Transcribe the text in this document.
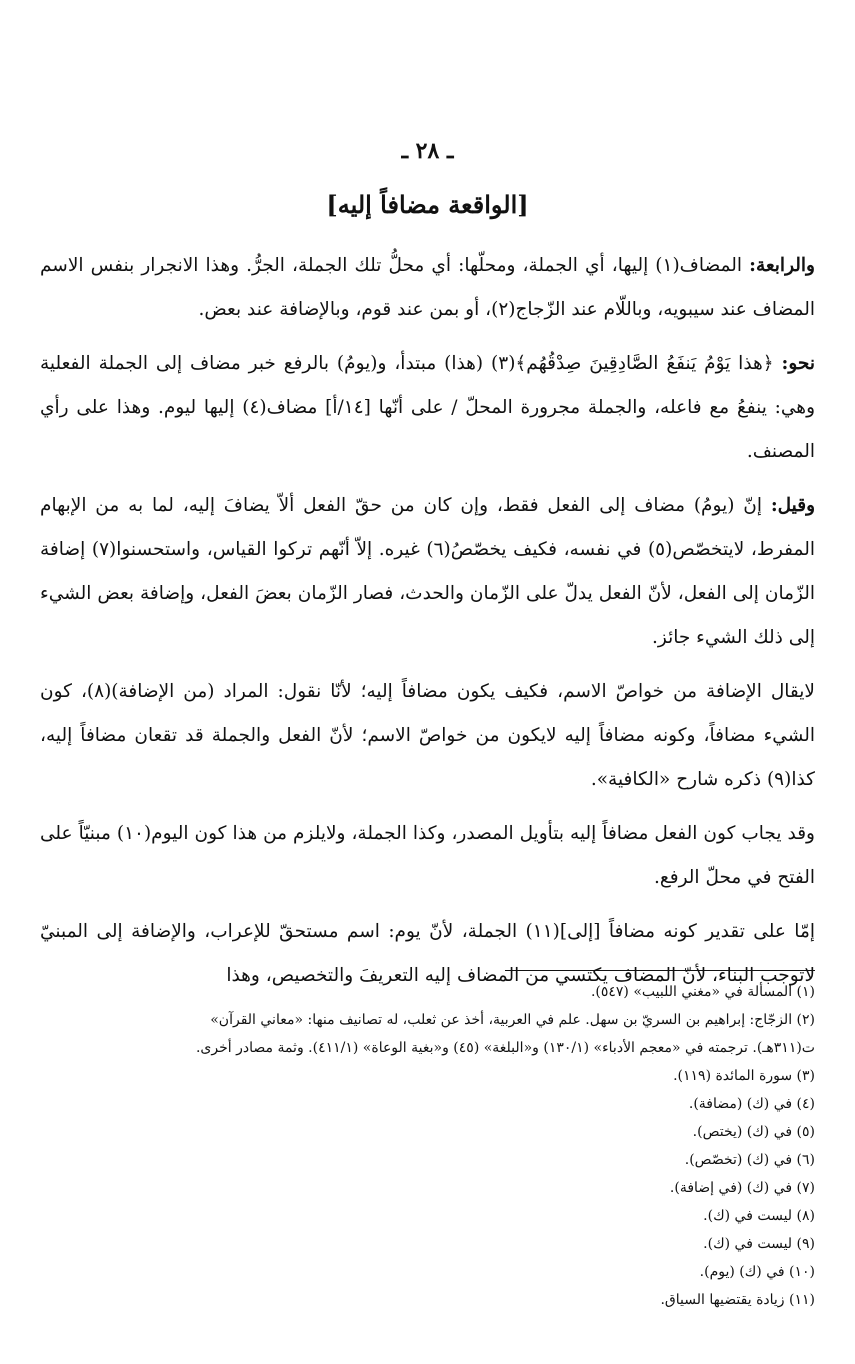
ـ ٢٨ ـ
[الواقعة مضافاً إليه]

والرابعة: المضاف(١) إليها، أي الجملة، ومحلّها: أي محلُّ تلك الجملة، الجرُّ. وهذا الانجرار بنفس الاسم المضاف عند سيبويه، وباللّام عند الزّجاج(٢)، أو بمن عند قوم، وبالإضافة عند بعض.

نحو: ﴿هذا يَوْمُ يَنفَعُ الصَّادِقِينَ صِدْقُهُم﴾(٣) (هذا) مبتدأ، و(يومُ) بالرفع خبر مضاف إلى الجملة الفعلية وهي: ينفعُ مع فاعله، والجملة مجرورة المحلّ / على أنّها [١٤/أ] مضاف(٤) إليها ليوم. وهذا على رأي المصنف.

وقيل: إنّ (يومُ) مضاف إلى الفعل فقط، وإن كان من حقّ الفعل ألاّ يضافَ إليه، لما به من الإبهام المفرط، لايتخصّص(٥) في نفسه، فكيف يخصّصُ(٦) غيره. إلاّ أنّهم تركوا القياس، واستحسنوا(٧) إضافة الزّمان إلى الفعل، لأنّ الفعل يدلّ على الزّمان والحدث، فصار الزّمان بعضَ الفعل، وإضافة بعض الشيء إلى ذلك الشيء جائز.

لايقال الإضافة من خواصّ الاسم، فكيف يكون مضافاً إليه؛ لأنّا نقول: المراد (من الإضافة)(٨)، كون الشيء مضافاً، وكونه مضافاً إليه لايكون من خواصّ الاسم؛ لأنّ الفعل والجملة قد تقعان مضافاً إليه، كذا(٩) ذكره شارح «الكافية».

وقد يجاب كون الفعل مضافاً إليه بتأويل المصدر، وكذا الجملة، ولايلزم من هذا كون اليوم(١٠) مبنيّاً على الفتح في محلّ الرفع.

إمّا على تقدير كونه مضافاً [إلى](١١) الجملة، لأنّ يوم: اسم مستحقّ للإعراب، والإضافة إلى المبنيّ لاتوجب البناء، لأنّ المضاف يكتسي من المضاف إليه التعريفَ والتخصيص، وهذا

(١) المسألة في «مغني اللبيب» (٥٤٧).
(٢) الزجّاج: إبراهيم بن السريّ بن سهل. علم في العربية، أخذ عن ثعلب، له تصانيف منها: «معاني القرآن»
ت(٣١١هـ). ترجمته في «معجم الأدباء» (١٣٠/١) و«البلغة» (٤٥) و«بغية الوعاة» (٤١١/١). وثمة مصادر أخرى.
(٣) سورة المائدة (١١٩).
(٤) في (ك) (مضافة).
(٥) في (ك) (يختص).
(٦) في (ك) (تخصّص).
(٧) في (ك) (في إضافة).
(٨) ليست في (ك).
(٩) ليست في (ك).
(١٠) في (ك) (يوم).
(١١) زيادة يقتضيها السياق.
